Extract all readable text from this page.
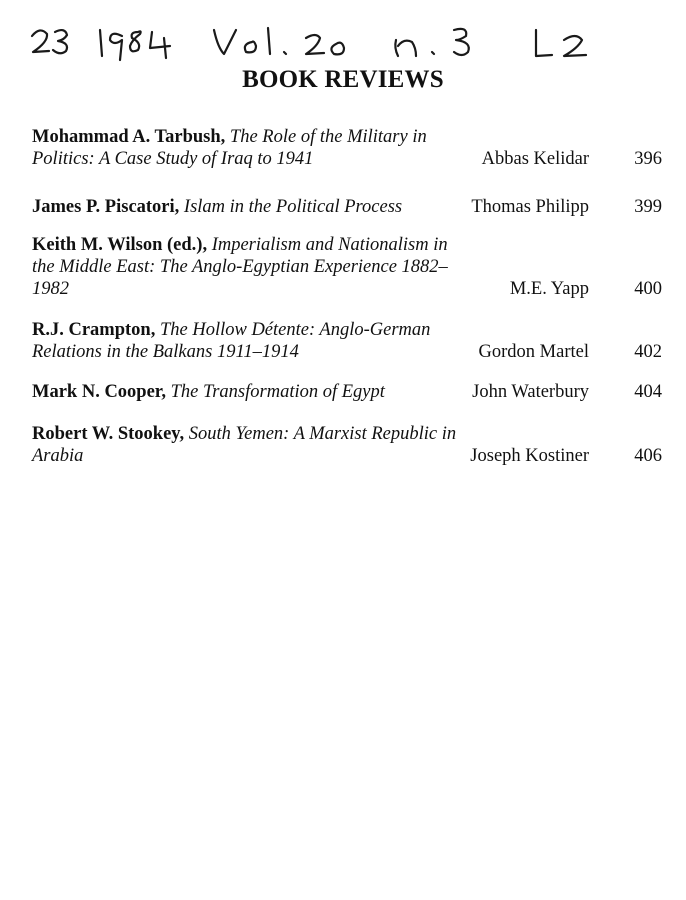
BOOK REVIEWS
Mohammad A. Tarbush, The Role of the Military in Politics: A Case Study of Iraq to 1941	Abbas Kelidar 396
James P. Piscatori, Islam in the Political Process	Thomas Philipp 399
Keith M. Wilson (ed.), Imperialism and Nationalism in the Middle East: The Anglo-Egyptian Experience 1882–1982	M.E. Yapp 400
R.J. Crampton, The Hollow Détente: Anglo-German Relations in the Balkans 1911–1914	Gordon Martel 402
Mark N. Cooper, The Transformation of Egypt	John Waterbury 404
Robert W. Stookey, South Yemen: A Marxist Republic in Arabia	Joseph Kostiner 406
